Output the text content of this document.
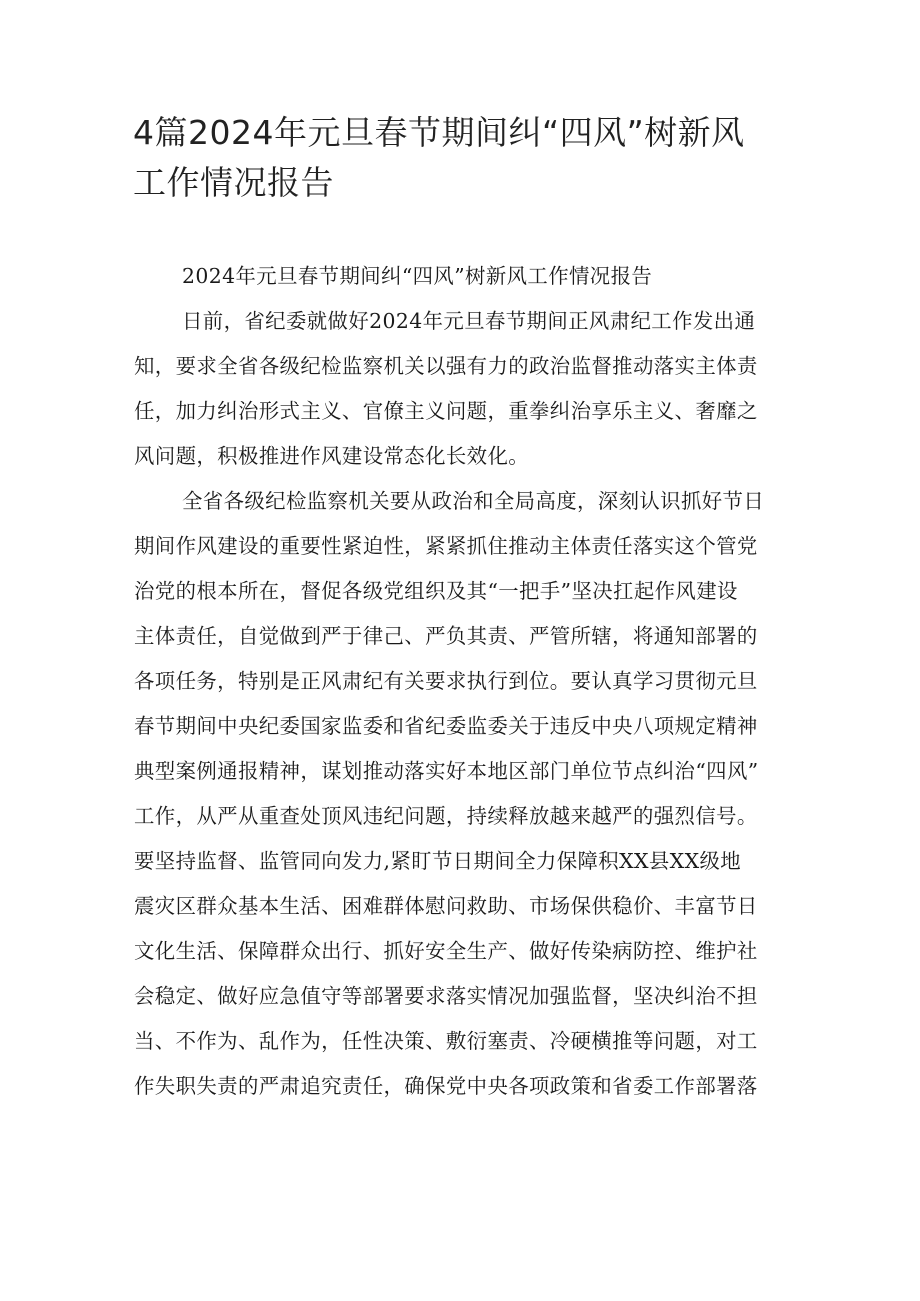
4篇2024年元旦春节期间纠“四风”树新风
工作情况报告
2024年元旦春节期间纠“四风”树新风工作情况报告
日前，省纪委就做好2024年元旦春节期间正风肃纪工作发出通
知，要求全省各级纪检监察机关以强有力的政治监督推动落实主体责
任，加力纠治形式主义、官僚主义问题，重拳纠治享乐主义、奢靡之
风问题，积极推进作风建设常态化长效化。
全省各级纪检监察机关要从政治和全局高度，深刻认识抓好节日
期间作风建设的重要性紧迫性，紧紧抓住推动主体责任落实这个管党
治党的根本所在，督促各级党组织及其“一把手”坚决扛起作风建设
主体责任，自觉做到严于律己、严负其责、严管所辖，将通知部署的
各项任务，特别是正风肃纪有关要求执行到位。要认真学习贯彻元旦
春节期间中央纪委国家监委和省纪委监委关于违反中央八项规定精神
典型案例通报精神，谋划推动落实好本地区部门单位节点纠治“四风”
工作，从严从重查处顶风违纪问题，持续释放越来越严的强烈信号。
要坚持监督、监管同向发力,紧盯节日期间全力保障积XX县XX级地
震灾区群众基本生活、困难群体慰问救助、市场保供稳价、丰富节日
文化生活、保障群众出行、抓好安全生产、做好传染病防控、维护社
会稳定、做好应急值守等部署要求落实情况加强监督，坚决纠治不担
当、不作为、乱作为，任性决策、敷衍塞责、冷硬横推等问题，对工
作失职失责的严肃追究责任，确保党中央各项政策和省委工作部署落
